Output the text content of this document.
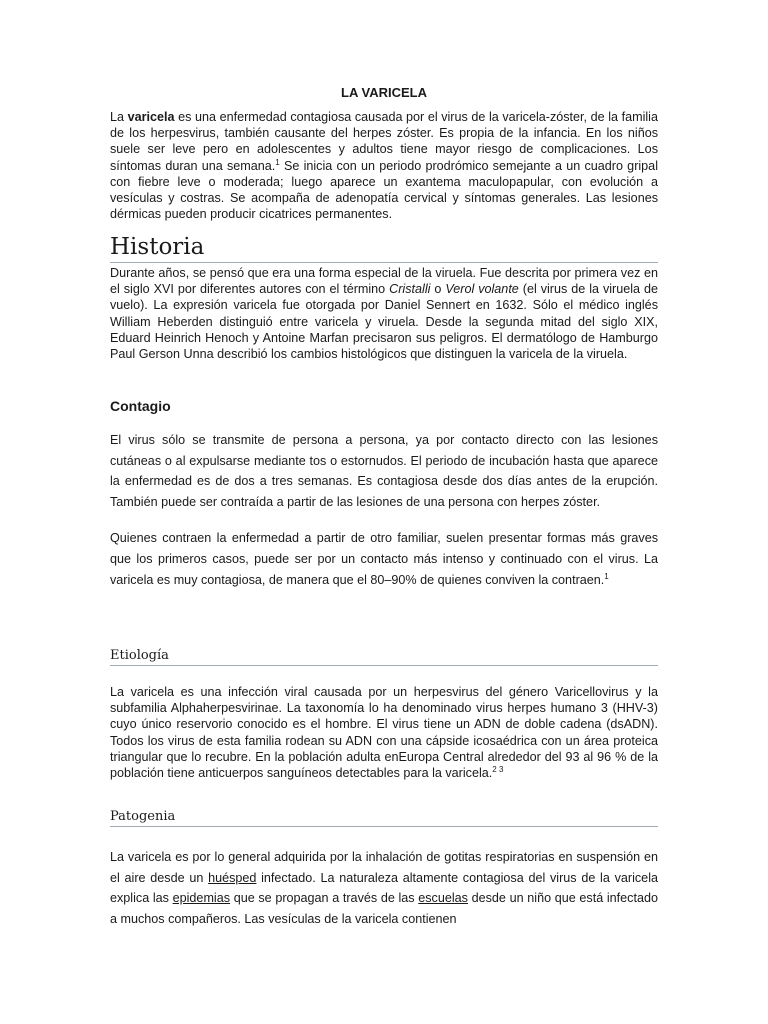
LA VARICELA

La varicela es una enfermedad contagiosa causada por el virus de la varicela-zóster, de la familia de los herpesvirus, también causante del herpes zóster. Es propia de la infancia. En los niños suele ser leve pero en adolescentes y adultos tiene mayor riesgo de complicaciones. Los síntomas duran una semana.$^1$ Se inicia con un periodo prodrómico semejante a un cuadro gripal con fiebre leve o moderada; luego aparece un exantema maculopapular, con evolución a vesículas y costras. Se acompaña de adenopatía cervical y síntomas generales. Las lesiones dérmicas pueden producir cicatrices permanentes.

Historia

Durante años, se pensó que era una forma especial de la viruela. Fue descrita por primera vez en el siglo XVI por diferentes autores con el término Cristalli o Verol volante (el virus de la viruela de vuelo). La expresión varicela fue otorgada por Daniel Sennert en 1632. Sólo el médico inglés William Heberden distinguió entre varicela y viruela. Desde la segunda mitad del siglo XIX, Eduard Heinrich Henoch y Antoine Marfan precisaron sus peligros. El dermatólogo de Hamburgo Paul Gerson Unna describió los cambios histológicos que distinguen la varicela de la viruela.

Contagio

El virus sólo se transmite de persona a persona, ya por contacto directo con las lesiones cutáneas o al expulsarse mediante tos o estornudos. El periodo de incubación hasta que aparece la enfermedad es de dos a tres semanas. Es contagiosa desde dos días antes de la erupción. También puede ser contraída a partir de las lesiones de una persona con herpes zóster.

Quienes contraen la enfermedad a partir de otro familiar, suelen presentar formas más graves que los primeros casos, puede ser por un contacto más intenso y continuado con el virus. La varicela es muy contagiosa, de manera que el 80–90% de quienes conviven la contraen.$^1$

Etiología

La varicela es una infección viral causada por un herpesvirus del género Varicellovirus y la subfamilia Alphaherpesvirinae. La taxonomía lo ha denominado virus herpes humano 3 (HHV-3) cuyo único reservorio conocido es el hombre. El virus tiene un ADN de doble cadena (dsADN). Todos los virus de esta familia rodean su ADN con una cápside icosaédrica con un área proteica triangular que lo recubre. En la población adulta enEuropa Central alrededor del 93 al 96 % de la población tiene anticuerpos sanguíneos detectables para la varicela.$^{2 3}$

Patogenia

La varicela es por lo general adquirida por la inhalación de gotitas respiratorias en suspensión en el aire desde un huésped infectado. La naturaleza altamente contagiosa del virus de la varicela explica las epidemias que se propagan a través de las escuelas desde un niño que está infectado a muchos compañeros. Las vesículas de la varicela contienen
